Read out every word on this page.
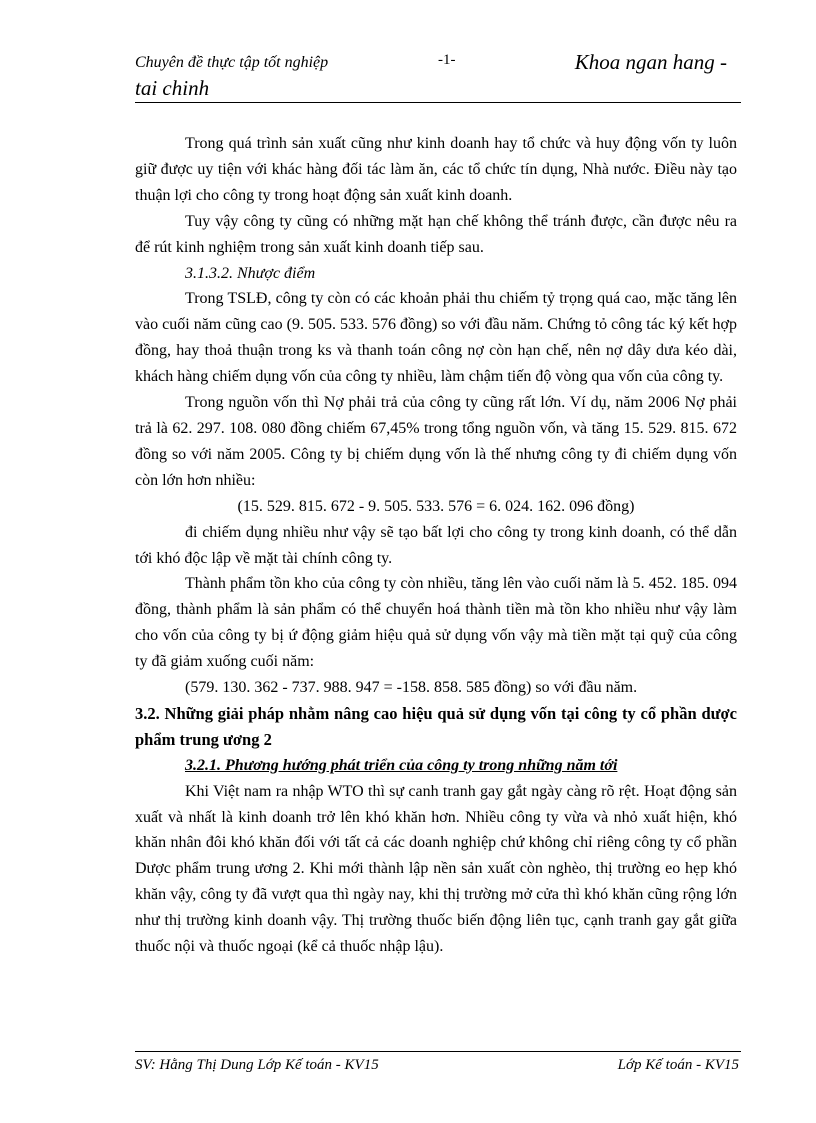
Chuyên đề thực tập tốt nghiệp	-1-	Khoa ngan hang -
tai chinh

Trong quá trình sản xuất cũng như kinh doanh hay tổ chức và huy động vốn ty luôn giữ được uy tiện với khác hàng đối tác làm ăn, các tổ chức tín dụng, Nhà nước. Điều này tạo thuận lợi cho công ty trong hoạt động sản xuất kinh doanh.

Tuy vậy công ty cũng có những mặt hạn chế không thể tránh được, cần được nêu ra để rút kinh nghiệm trong sản xuất kinh doanh tiếp sau.

3.1.3.2. Nhược điểm

Trong TSLĐ, công ty còn có các khoản phải thu chiếm tỷ trọng quá cao, mặc tăng lên vào cuối năm cũng cao (9. 505. 533. 576 đồng) so với đầu năm. Chứng tỏ công tác ký kết hợp đồng, hay thoả thuận trong ks và thanh toán công nợ còn hạn chế, nên nợ dây dưa kéo dài, khách hàng chiếm dụng vốn của công ty nhiều, làm chậm tiến độ vòng qua vốn của công ty.

Trong nguồn vốn thì Nợ phải trả của công ty cũng rất lớn. Ví dụ, năm 2006 Nợ phải trả là 62. 297. 108. 080 đồng chiếm 67,45% trong tổng nguồn vốn, và tăng 15. 529. 815. 672 đồng so với năm 2005. Công ty bị chiếm dụng vốn là thế nhưng công ty đi chiếm dụng vốn còn lớn hơn nhiều:

(15. 529. 815. 672 - 9. 505. 533. 576 = 6. 024. 162. 096 đồng)

đi chiếm dụng nhiều như vậy sẽ tạo bất lợi cho công ty trong kinh doanh, có thể dẫn tới khó độc lập về mặt tài chính công ty.

Thành phẩm tồn kho của công ty còn nhiều, tăng lên vào cuối năm là 5. 452. 185. 094 đồng, thành phẩm là sản phẩm có thể chuyển hoá thành tiền mà tồn kho nhiều như vậy làm cho vốn của công ty bị ứ động giảm hiệu quả sử dụng vốn vậy mà tiền mặt tại quỹ của công ty đã giảm xuống cuối năm:

(579. 130. 362 - 737. 988. 947 = -158. 858. 585 đồng) so với đầu năm.

3.2. Những giải pháp nhằm nâng cao hiệu quả sử dụng vốn tại công ty cổ phần dược phẩm trung ương 2

3.2.1. Phương hướng phát triển của công ty trong những năm tới

Khi Việt nam ra nhập WTO thì sự canh tranh gay gắt ngày càng rõ rệt. Hoạt động sản xuất và nhất là kinh doanh trở lên khó khăn hơn. Nhiều công ty vừa và nhỏ xuất hiện, khó khăn nhân đôi khó khăn đối với tất cả các doanh nghiệp chứ không chỉ riêng công ty cổ phần Dược phẩm trung ương 2. Khi mới thành lập nền sản xuất còn nghèo, thị trường eo hẹp khó khăn vậy, công ty đã vượt qua thì ngày nay, khi thị trường mở cửa thì khó khăn cũng rộng lớn như thị trường kinh doanh vậy. Thị trường thuốc biến động liên tục, cạnh tranh gay gắt giữa thuốc nội và thuốc ngoại (kể cả thuốc nhập lậu).

SV: Hằng Thị Dung Lớp Kế toán - KV15	Lớp Kế toán - KV15
